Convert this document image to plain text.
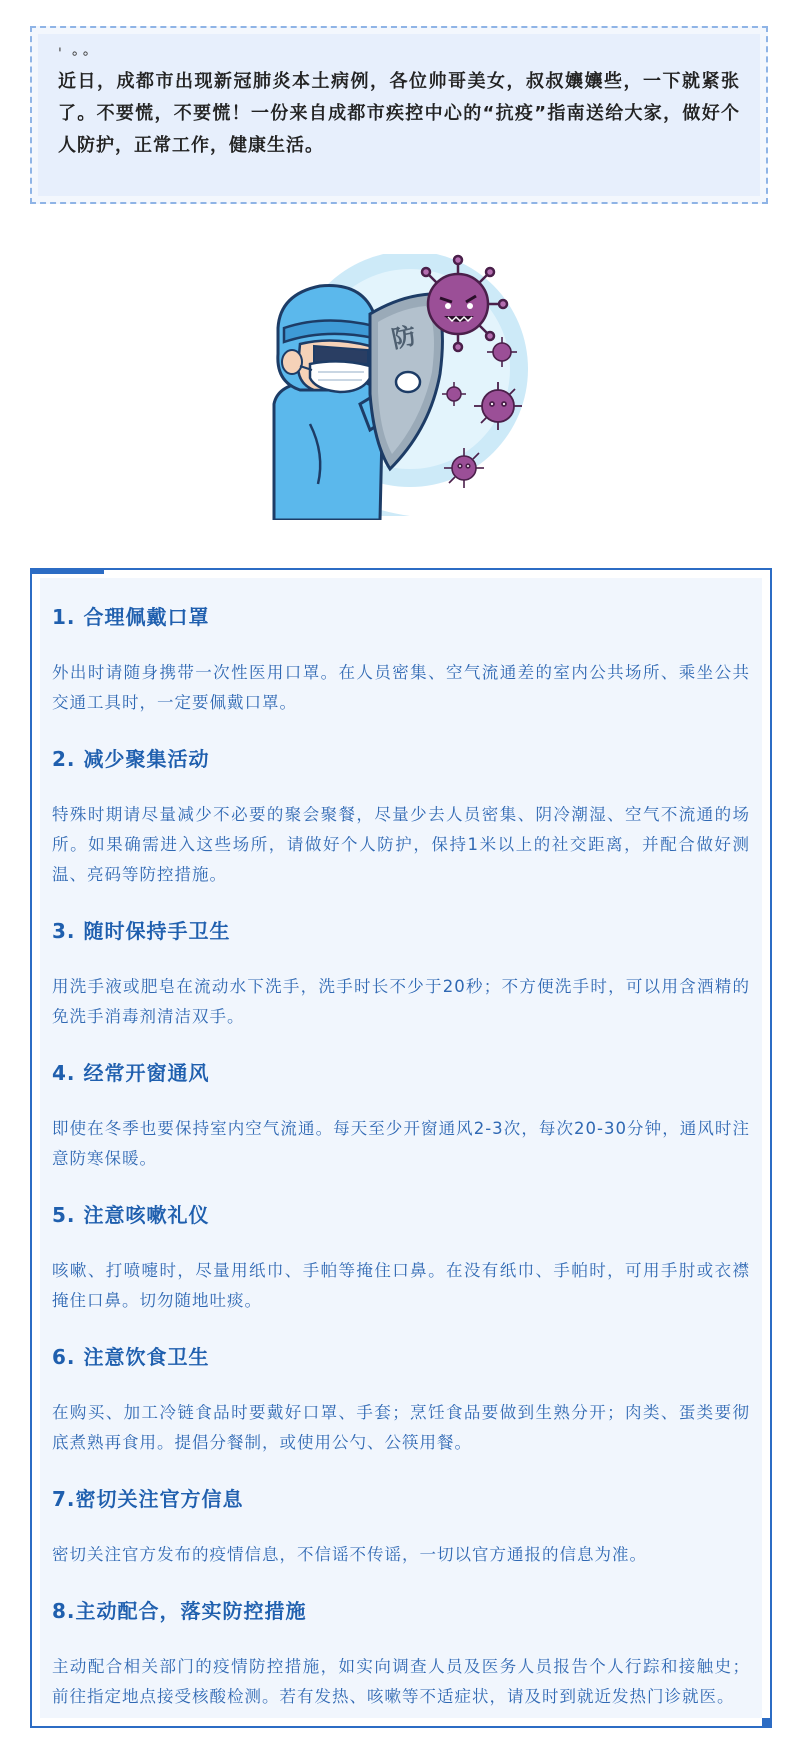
' ∘∘

近日，成都市出现新冠肺炎本土病例，各位帅哥美女，叔叔孃孃些，一下就紧张了。不要慌，不要慌！一份来自成都市疾控中心的“抗疫”指南送给大家，做好个人防护，正常工作，健康生活。

防
1. 合理佩戴口罩

外出时请随身携带一次性医用口罩。在人员密集、空气流通差的室内公共场所、乘坐公共交通工具时，一定要佩戴口罩。

2. 减少聚集活动

特殊时期请尽量减少不必要的聚会聚餐，尽量少去人员密集、阴冷潮湿、空气不流通的场所。如果确需进入这些场所，请做好个人防护，保持1米以上的社交距离，并配合做好测温、亮码等防控措施。

3. 随时保持手卫生

用洗手液或肥皂在流动水下洗手，洗手时长不少于20秒；不方便洗手时，可以用含酒精的免洗手消毒剂清洁双手。

4. 经常开窗通风

即使在冬季也要保持室内空气流通。每天至少开窗通风2-3次，每次20-30分钟，通风时注意防寒保暖。

5. 注意咳嗽礼仪

咳嗽、打喷嚏时，尽量用纸巾、手帕等掩住口鼻。在没有纸巾、手帕时，可用手肘或衣襟掩住口鼻。切勿随地吐痰。

6. 注意饮食卫生

在购买、加工冷链食品时要戴好口罩、手套；烹饪食品要做到生熟分开；肉类、蛋类要彻底煮熟再食用。提倡分餐制，或使用公勺、公筷用餐。

7.密切关注官方信息

密切关注官方发布的疫情信息，不信谣不传谣，一切以官方通报的信息为准。

8.主动配合，落实防控措施

主动配合相关部门的疫情防控措施，如实向调查人员及医务人员报告个人行踪和接触史；前往指定地点接受核酸检测。若有发热、咳嗽等不适症状，请及时到就近发热门诊就医。
